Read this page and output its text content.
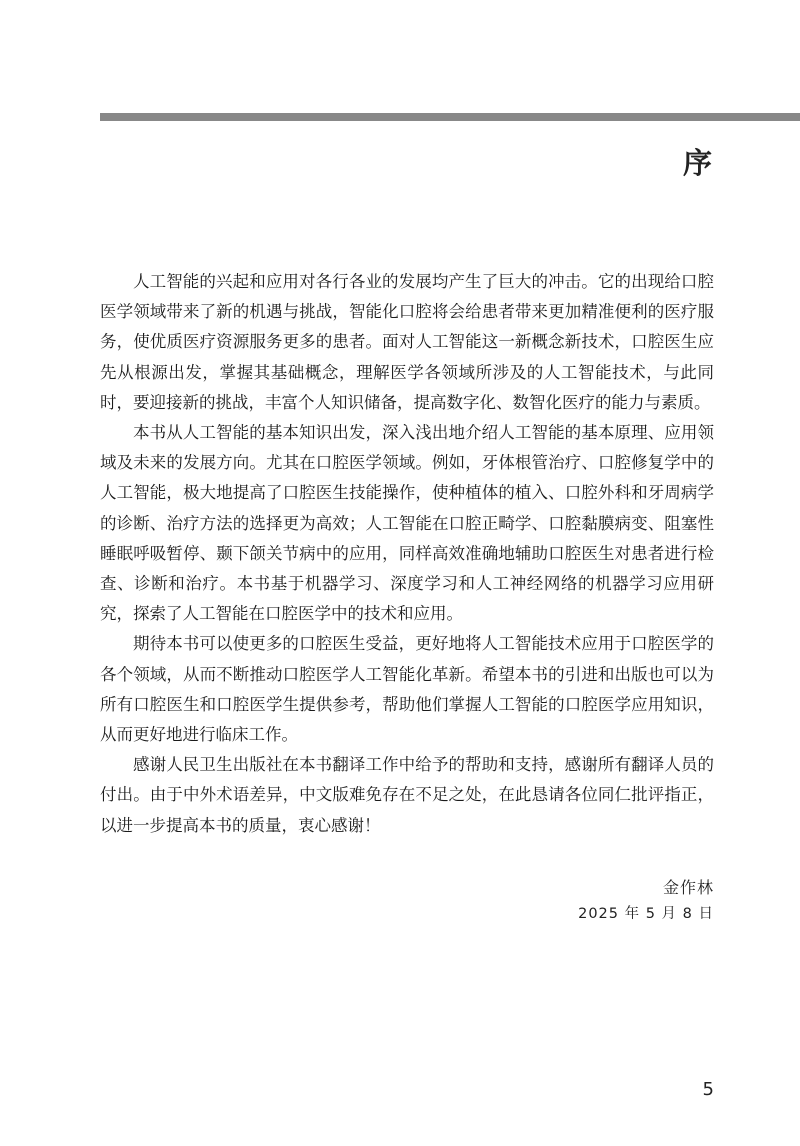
序

人工智能的兴起和应用对各行各业的发展均产生了巨大的冲击。它的出现给口腔医学领域带来了新的机遇与挑战，智能化口腔将会给患者带来更加精准便利的医疗服务，使优质医疗资源服务更多的患者。面对人工智能这一新概念新技术，口腔医生应先从根源出发，掌握其基础概念，理解医学各领域所涉及的人工智能技术，与此同时，要迎接新的挑战，丰富个人知识储备，提高数字化、数智化医疗的能力与素质。

本书从人工智能的基本知识出发，深入浅出地介绍人工智能的基本原理、应用领域及未来的发展方向。尤其在口腔医学领域。例如，牙体根管治疗、口腔修复学中的人工智能，极大地提高了口腔医生技能操作，使种植体的植入、口腔外科和牙周病学的诊断、治疗方法的选择更为高效；人工智能在口腔正畸学、口腔黏膜病变、阻塞性睡眠呼吸暂停、颞下颌关节病中的应用，同样高效准确地辅助口腔医生对患者进行检查、诊断和治疗。本书基于机器学习、深度学习和人工神经网络的机器学习应用研究，探索了人工智能在口腔医学中的技术和应用。

期待本书可以使更多的口腔医生受益，更好地将人工智能技术应用于口腔医学的各个领域，从而不断推动口腔医学人工智能化革新。希望本书的引进和出版也可以为所有口腔医生和口腔医学生提供参考，帮助他们掌握人工智能的口腔医学应用知识，从而更好地进行临床工作。

感谢人民卫生出版社在本书翻译工作中给予的帮助和支持，感谢所有翻译人员的付出。由于中外术语差异，中文版难免存在不足之处，在此恳请各位同仁批评指正，以进一步提高本书的质量，衷心感谢！

金作林
2025 年 5 月 8 日
5
